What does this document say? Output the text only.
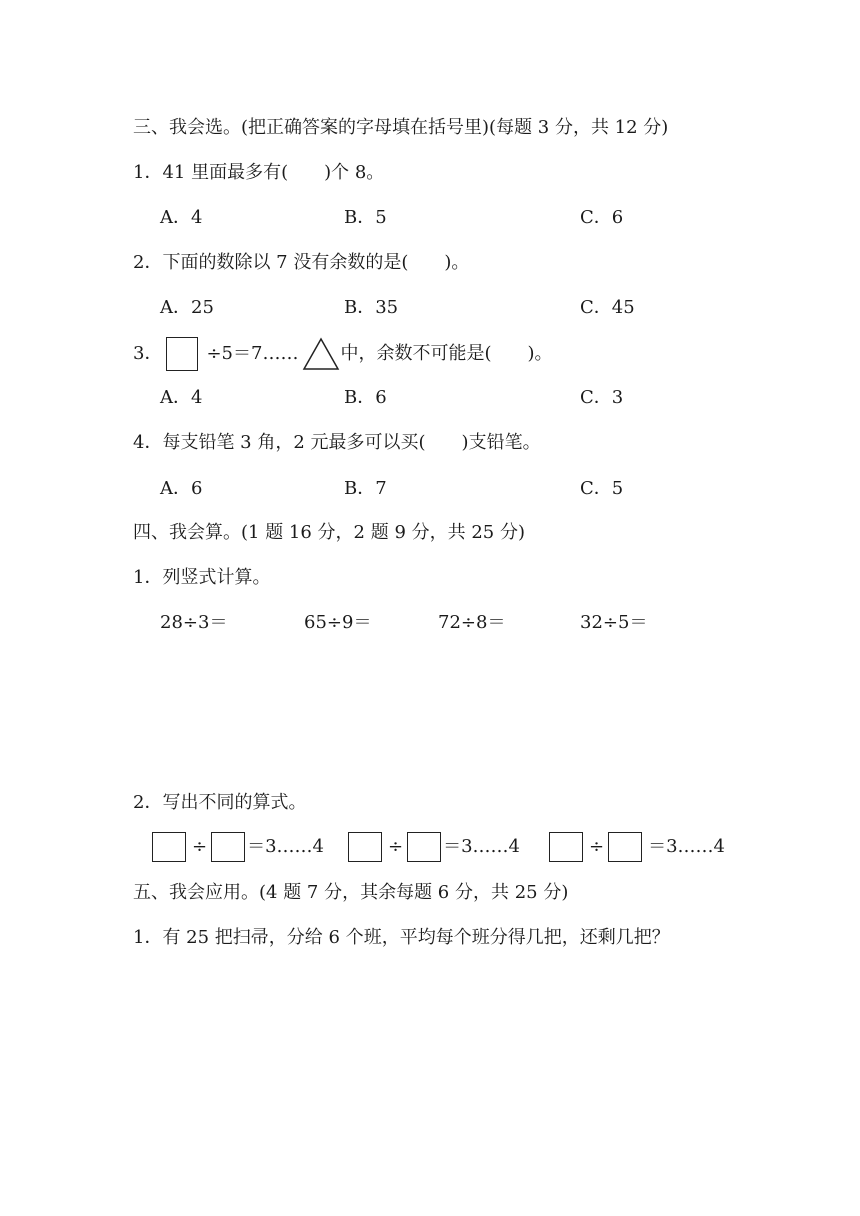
三、我会选。(把正确答案的字母填在括号里)(每题 3 分，共 12 分)
1．41 里面最多有(　　)个 8。
A．4	B．5	C．6
2．下面的数除以 7 没有余数的是(　　)。
A．25	B．35	C．45
3． ÷5＝7…… 中，余数不可能是(　　)。
A．4	B．6	C．3
4．每支铅笔 3 角，2 元最多可以买(　　)支铅笔。
A．6	B．7	C．5
四、我会算。(1 题 16 分，2 题 9 分，共 25 分)
1．列竖式计算。
28÷3＝	65÷9＝	72÷8＝	32÷5＝
2．写出不同的算式。
÷ ＝3……4	÷ ＝3……4	÷ ＝3……4
五、我会应用。(4 题 7 分，其余每题 6 分，共 25 分)
1．有 25 把扫帚，分给 6 个班，平均每个班分得几把，还剩几把？
